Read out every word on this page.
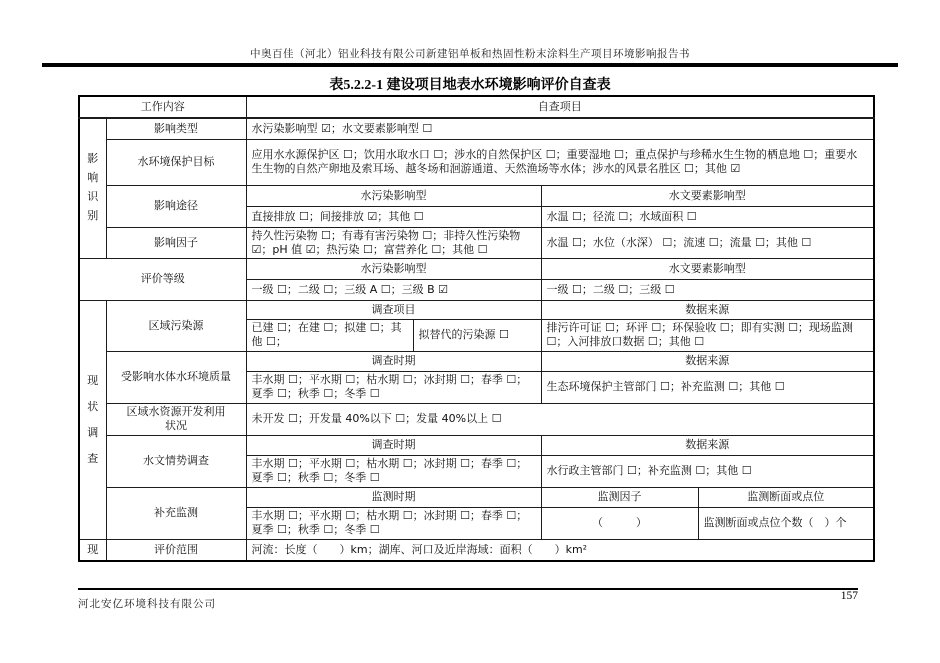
中奥百佳（河北）铝业科技有限公司新建铝单板和热固性粉末涂料生产项目环境影响报告书
表5.2.2-1 建设项目地表水环境影响评价自查表
工作内容		自查项目			
影响识别	影响类型	水污染影响型 ☑；水文要素影响型 ☐			
	水环境保护目标	应用水水源保护区 ☐；饮用水取水口 ☐；涉水的自然保护区 ☐；重要湿地 ☐；重点保护与珍稀水生生物的栖息地 ☐；重要水生生物的自然产卵地及索耳场、越冬场和洄游通道、天然渔场等水体；涉水的风景名胜区 ☐；其他 ☑			
	影响途径	水污染影响型		水文要素影响型	
		直接排放 ☐；间接排放 ☑；其他 ☐		水温 ☐；径流 ☐；水域面积 ☐	
	影响因子	持久性污染物 ☐；有毒有害污染物 ☐；非持久性污染物 ☑；pH 值 ☑；热污染 ☐；富营养化 ☐；其他 ☐		水温 ☐；水位（水深） ☐；流速 ☐；流量 ☐；其他 ☐	
评价等级		水污染影响型		水文要素影响型	
		一级 ☐；二级 ☐；三级 A ☐；三级 B ☑		一级 ☐；二级 ☐；三级 ☐	
现状调查	区域污染源	调查项目		数据来源	
		已建 ☐；在建 ☐；拟建 ☐；其他 ☐；	拟替代的污染源 ☐	排污许可证 ☐；环评 ☐；环保验收 ☐；即有实测 ☐；现场监测 ☐；入河排放口数据 ☐；其他 ☐	
	受影响水体水环境质量	调查时期		数据来源	
		丰水期 ☐；平水期 ☐；枯水期 ☐；冰封期 ☐；春季 ☐；夏季 ☐；秋季 ☐；冬季 ☐		生态环境保护主管部门 ☐；补充监测 ☐；其他 ☐	
	区域水资源开发利用状况	未开发 ☐；开发量 40%以下 ☐；发量 40%以上 ☐			
	水文情势调查	调查时期		数据来源	
		丰水期 ☐；平水期 ☐；枯水期 ☐；冰封期 ☐；春季 ☐；夏季 ☐；秋季 ☐；冬季 ☐		水行政主管部门 ☐；补充监测 ☐；其他 ☐	
	补充监测	监测时期		监测因子	监测断面或点位
		丰水期 ☐；平水期 ☐；枯水期 ☐；冰封期 ☐；春季 ☐；夏季 ☐；秋季 ☐；冬季 ☐		（　　　）	监测断面或点位个数（　）个
现	评价范围	河流：长度（　　）km；湖库、河口及近岸海域：面积（　　）km²			
河北安亿环境科技有限公司
157
